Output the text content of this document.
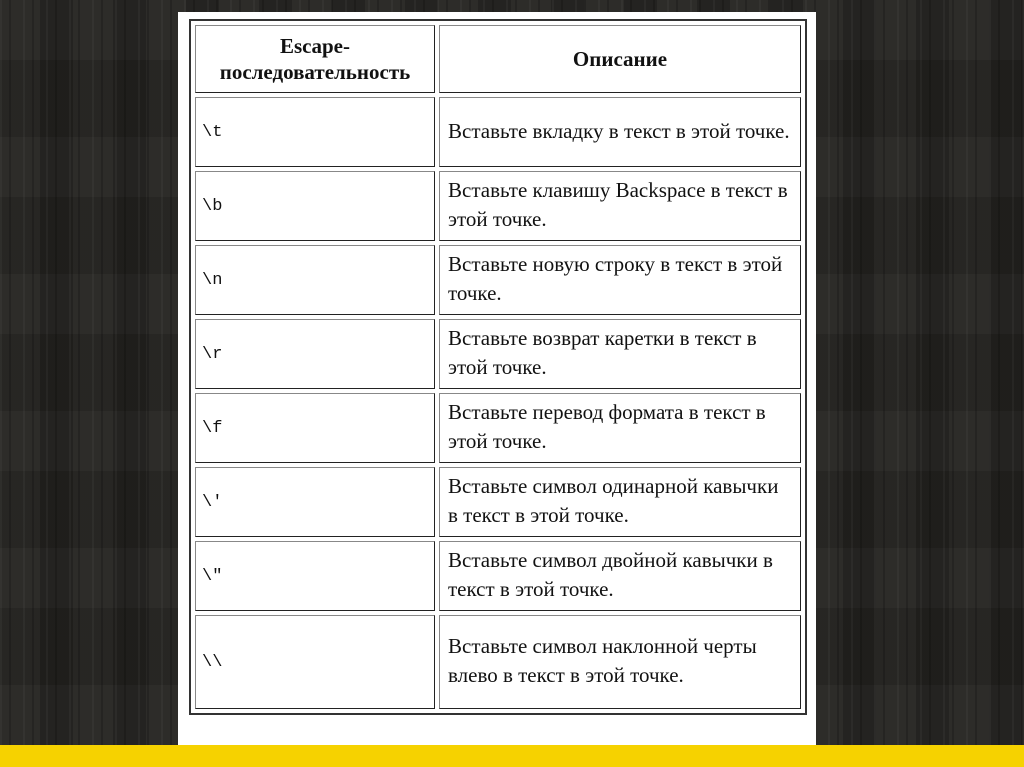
Escape-последовательность	Описание
\t	Вставьте вкладку в текст в этой точке.
\b	Вставьте клавишу Backspace в текст в этой точке.
\n	Вставьте новую строку в текст в этой точке.
\r	Вставьте возврат каретки в текст в этой точке.
\f	Вставьте перевод формата в текст в этой точке.
\'	Вставьте символ одинарной кавычки в текст в этой точке.
\"	Вставьте символ двойной кавычки в текст в этой точке.
\\	Вставьте символ наклонной черты влево в текст в этой точке.
